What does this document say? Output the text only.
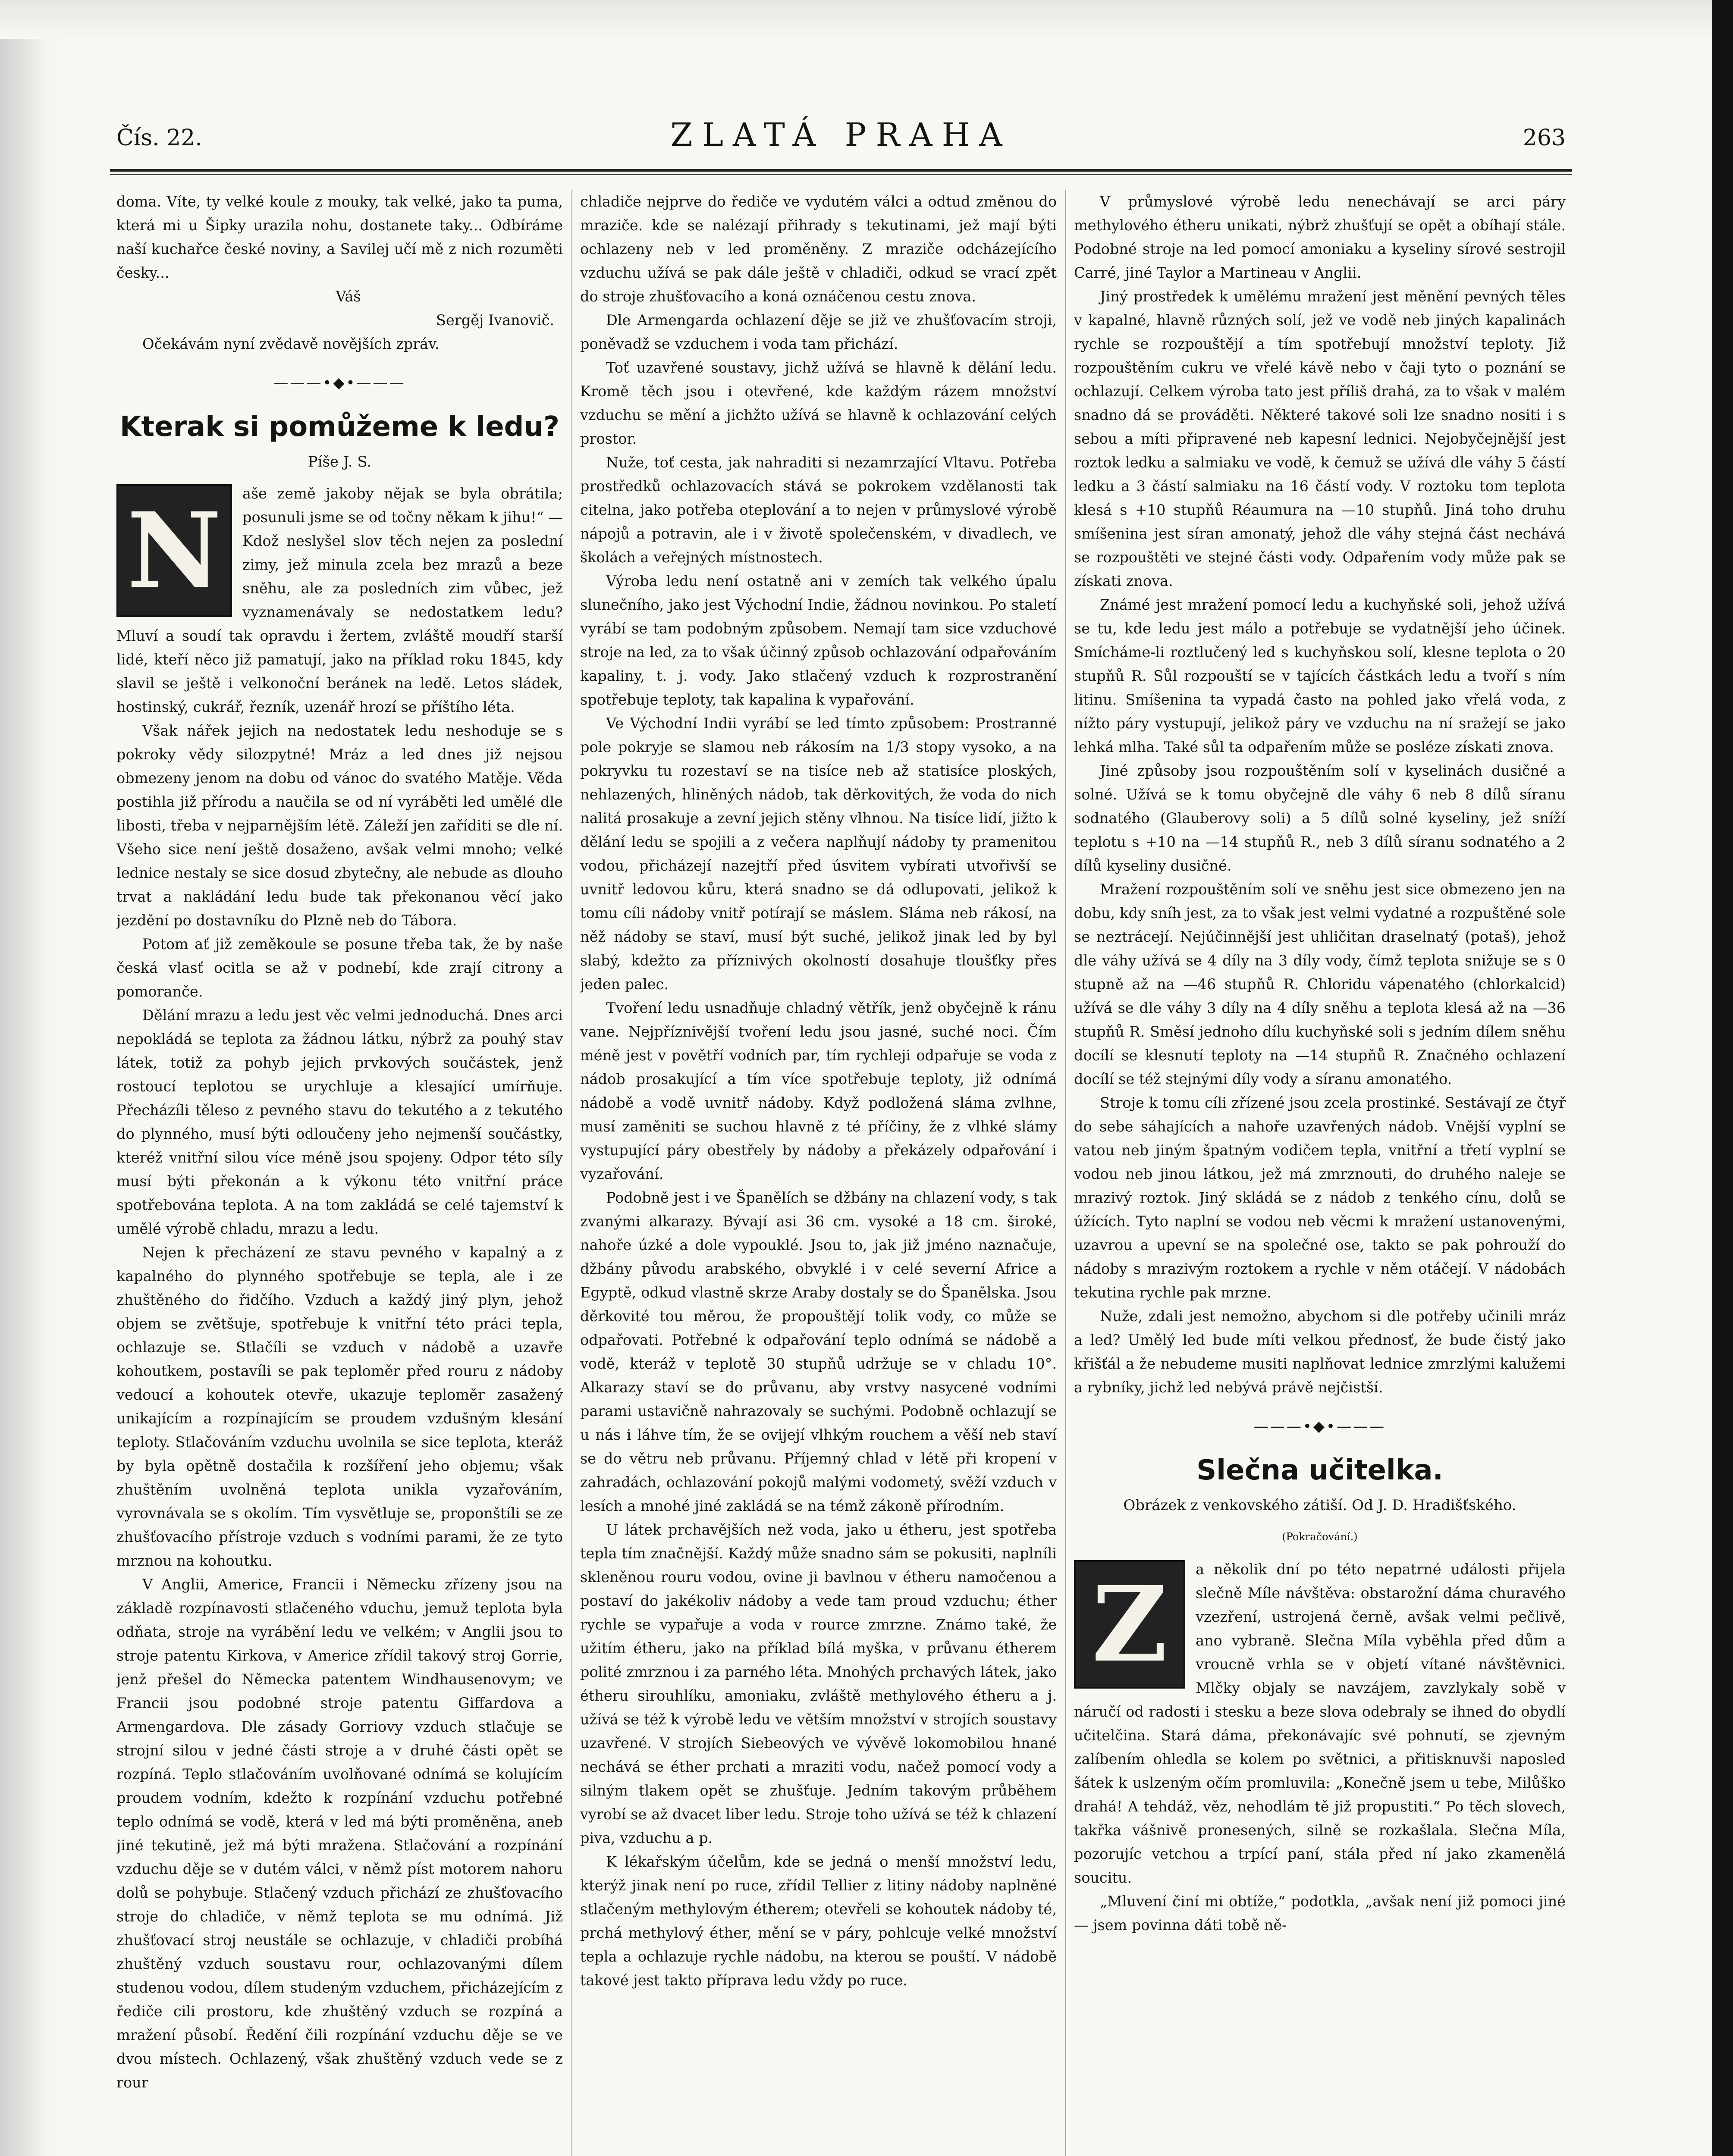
Čís. 22.	ZLATÁ PRAHA	263

doma. Víte, ty velké koule z mouky, tak velké, jako ta puma, která mi u Šipky urazila nohu, dostanete taky... Odbíráme naší kuchařce české noviny, a Savilej učí mě z nich rozuměti česky...

Váš

Sergěj Ivanovič.

Očekávám nyní zvědavě novějších zpráv.

———•◆•———
Kterak si pomůžeme k ledu?
Píše J. S.
N	aše země jakoby nějak se byla obrátila; posunuli jsme se od točny někam k jihu!“ — Kdož neslyšel slov těch nejen za poslední zimy, jež minula zcela bez mrazů a beze sněhu, ale za posledních zim vůbec, jež vyznamenávaly se nedostatkem ledu? Mluví a soudí tak opravdu i žertem, zvláště moudří starší lidé, kteří něco již pamatují, jako na příklad roku 1845, kdy slavil se ještě i velkonoční beránek na ledě. Letos sládek, hostinský, cukrář, řezník, uzenář hrozí se příštího léta.

Však nářek jejich na nedostatek ledu neshoduje se s pokroky vědy silozpytné! Mráz a led dnes již nejsou obmezeny jenom na dobu od vánoc do svatého Matěje. Věda postihla již přírodu a naučila se od ní vyráběti led umělé dle libosti, třeba v nejparnějším létě. Záleží jen zaříditi se dle ní. Všeho sice není ještě dosaženo, avšak velmi mnoho; velké lednice nestaly se sice dosud zbytečny, ale nebude as dlouho trvat a nakládání ledu bude tak překonanou věcí jako jezdění po dostavníku do Plzně neb do Tábora.

Potom ať již zeměkoule se posune třeba tak, že by naše česká vlasť ocitla se až v podnebí, kde zrají citrony a pomoranče.

Dělání mrazu a ledu jest věc velmi jednoduchá. Dnes arci nepokládá se teplota za žádnou látku, nýbrž za pouhý stav látek, totiž za pohyb jejich prvkových součástek, jenž rostoucí teplotou se urychluje a klesající umírňuje. Přecházíli těleso z pevného stavu do tekutého a z tekutého do plynného, musí býti odloučeny jeho nejmenší součástky, kteréž vnitřní silou více méně jsou spojeny. Odpor této síly musí býti překonán a k výkonu této vnitřní práce spotřebována teplota. A na tom zakládá se celé tajemství k umělé výrobě chladu, mrazu a ledu.

Nejen k přecházení ze stavu pevného v kapalný a z kapalného do plynného spotřebuje se tepla, ale i ze zhuštěného do řidčího. Vzduch a každý jiný plyn, jehož objem se zvětšuje, spotřebuje k vnitřní této práci tepla, ochlazuje se. Stlačíli se vzduch v nádobě a uzavře kohoutkem, postavíli se pak teploměr před rouru z nádoby vedoucí a kohoutek otevře, ukazuje teploměr zasažený unikajícím a rozpínajícím se proudem vzdušným klesání teploty. Stlačováním vzduchu uvolnila se sice teplota, kteráž by byla opětně dostačila k rozšíření jeho objemu; však zhuštěním uvolněná teplota unikla vyzařováním, vyrovnávala se s okolím. Tím vysvětluje se, proponštíli se ze zhušťovacího přístroje vzduch s vodními parami, že ze tyto mrznou na kohoutku.

V Anglii, Americe, Francii i Německu zřízeny jsou na základě rozpínavosti stlačeného vduchu, jemuž teplota byla odňata, stroje na vyrábění ledu ve velkém; v Anglii jsou to stroje patentu Kirkova, v Americe zřídil takový stroj Gorrie, jenž přešel do Německa patentem Windhausenovym; ve Francii jsou podobné stroje patentu Giffardova a Armengardova. Dle zásady Gorriovy vzduch stlačuje se strojní silou v jedné části stroje a v druhé části opět se rozpíná. Teplo stlačováním uvolňované odnímá se kolujícím proudem vodním, kdežto k rozpínání vzduchu potřebné teplo odnímá se vodě, která v led má býti proměněna, aneb jiné tekutině, jež má býti mražena. Stlačování a rozpínání vzduchu děje se v dutém válci, v němž píst motorem nahoru dolů se pohybuje. Stlačený vzduch přichází ze zhušťovacího stroje do chladiče, v němž teplota se mu odnímá. Již zhušťovací stroj neustále se ochlazuje, v chladiči probíhá zhuštěný vzduch soustavu rour, ochlazovanými dílem studenou vodou, dílem studeným vzduchem, přicházejícím z řediče cili prostoru, kde zhuštěný vzduch se rozpíná a mražení působí. Ředění čili rozpínání vzduchu děje se ve dvou místech. Ochlazený, však zhuštěný vzduch vede se z rour

chladiče nejprve do řediče ve vydutém válci a odtud změnou do mraziče. kde se nalézají přihrady s tekutinami, jež mají býti ochlazeny neb v led proměněny. Z mraziče odcházejícího vzduchu užívá se pak dále ještě v chladiči, odkud se vrací zpět do stroje zhušťovacího a koná oznáčenou cestu znova.

Dle Armengarda ochlazení děje se již ve zhušťovacím stroji, poněvadž se vzduchem i voda tam přichází.

Toť uzavřené soustavy, jichž užívá se hlavně k dělání ledu. Kromě těch jsou i otevřené, kde každým rázem množství vzduchu se mění a jichžto užívá se hlavně k ochlazování celých prostor.

Nuže, toť cesta, jak nahraditi si nezamrzající Vltavu. Potřeba prostředků ochlazovacích stává se pokrokem vzdělanosti tak citelna, jako potřeba oteplování a to nejen v průmyslové výrobě nápojů a potravin, ale i v životě společenském, v divadlech, ve školách a veřejných místnostech.

Výroba ledu není ostatně ani v zemích tak velkého úpalu slunečního, jako jest Východní Indie, žádnou novinkou. Po staletí vyrábí se tam podobným způsobem. Nemají tam sice vzduchové stroje na led, za to však účinný způsob ochlazování odpařováním kapaliny, t. j. vody. Jako stlačený vzduch k rozprostranění spotřebuje teploty, tak kapalina k vypařování.

Ve Východní Indii vyrábí se led tímto způsobem: Prostranné pole pokryje se slamou neb rákosím na 1/3 stopy vysoko, a na pokryvku tu rozestaví se na tisíce neb až statisíce ploských, nehlazených, hliněných nádob, tak děrkovitých, že voda do nich nalitá prosakuje a zevní jejich stěny vlhnou. Na tisíce lidí, jižto k dělání ledu se spojili a z večera naplňují nádoby ty pramenitou vodou, přicházejí nazejtří před úsvitem vybírati utvořivší se uvnitř ledovou kůru, která snadno se dá odlupovati, jelikož k tomu cíli nádoby vnitř potírají se máslem. Sláma neb rákosí, na něž nádoby se staví, musí být suché, jelikož jinak led by byl slabý, kdežto za příznivých okolností dosahuje tloušťky přes jeden palec.

Tvoření ledu usnadňuje chladný větřík, jenž obyčejně k ránu vane. Nejpříznivější tvoření ledu jsou jasné, suché noci. Čím méně jest v povětří vodních par, tím rychleji odpařuje se voda z nádob prosakující a tím více spotřebuje teploty, již odnímá nádobě a vodě uvnitř nádoby. Když podložená sláma zvlhne, musí zaměniti se suchou hlavně z té příčiny, že z vlhké slámy vystupující páry obestřely by nádoby a překázely odpařování i vyzařování.

Podobně jest i ve Španělích se džbány na chlazení vody, s tak zvanými alkarazy. Bývají asi 36 cm. vysoké a 18 cm. široké, nahoře úzké a dole vypouklé. Jsou to, jak již jméno naznačuje, džbány původu arabského, obvyklé i v celé severní Africe a Egyptě, odkud vlastně skrze Araby dostaly se do Španělska. Jsou děrkovité tou měrou, že propouštějí tolik vody, co může se odpařovati. Potřebné k odpařování teplo odnímá se nádobě a vodě, kteráž v teplotě 30 stupňů udržuje se v chladu 10°. Alkarazy staví se do průvanu, aby vrstvy nasycené vodními parami ustavičně nahrazovaly se suchými. Podobně ochlazují se u nás i láhve tím, že se ovijejí vlhkým rouchem a věší neb staví se do větru neb průvanu. Příjemný chlad v létě při kropení v zahradách, ochlazování pokojů malými vodometý, svěží vzduch v lesích a mnohé jiné zakládá se na témž zákoně přírodním.

U látek prchavějších než voda, jako u étheru, jest spotřeba tepla tím značnější. Každý může snadno sám se pokusiti, naplníli skleněnou rouru vodou, ovine ji bavlnou v étheru namočenou a postaví do jakékoliv nádoby a vede tam proud vzduchu; éther rychle se vypařuje a voda v rource zmrzne. Známo také, že užitím étheru, jako na příklad bílá myška, v průvanu étherem polité zmrznou i za parného léta. Mnohých prchavých látek, jako étheru sirouhlíku, amoniaku, zvláště methylového étheru a j. užívá se též k výrobě ledu ve větším množství v strojích soustavy uzavřené. V strojích Siebeových ve vývěvě lokomobilou hnané nechává se éther prchati a mraziti vodu, načež pomocí vody a silným tlakem opět se zhušťuje. Jedním takovým průběhem vyrobí se až dvacet liber ledu. Stroje toho užívá se též k chlazení piva, vzduchu a p.

K lékařským účelům, kde se jedná o menší množství ledu, kterýž jinak není po ruce, zřídil Tellier z litiny nádoby naplněné stlačeným methylovým étherem; otevřeli se kohoutek nádoby té, prchá methylový éther, mění se v páry, pohlcuje velké množství tepla a ochlazuje rychle nádobu, na kterou se pouští. V nádobě takové jest takto příprava ledu vždy po ruce.

V průmyslové výrobě ledu nenechávají se arci páry methylového étheru unikati, nýbrž zhušťují se opět a obíhají stále. Podobné stroje na led pomocí amoniaku a kyseliny sírové sestrojil Carré, jiné Taylor a Martineau v Anglii.

Jiný prostředek k umělému mražení jest měnění pevných těles v kapalné, hlavně různých solí, jež ve vodě neb jiných kapalinách rychle se rozpouštějí a tím spotřebují množství teploty. Již rozpouštěním cukru ve vřelé kávě nebo v čaji tyto o poznání se ochlazují. Celkem výroba tato jest příliš drahá, za to však v malém snadno dá se prováděti. Některé takové soli lze snadno nositi i s sebou a míti připravené neb kapesní lednici. Nejobyčejnější jest roztok ledku a salmiaku ve vodě, k čemuž se užívá dle váhy 5 částí ledku a 3 částí salmiaku na 16 částí vody. V roztoku tom teplota klesá s +10 stupňů Réaumura na —10 stupňů. Jiná toho druhu smíšenina jest síran amonatý, jehož dle váhy stejná část nechává se rozpouštěti ve stejné části vody. Odpařením vody může pak se získati znova.

Známé jest mražení pomocí ledu a kuchyňské soli, jehož užívá se tu, kde ledu jest málo a potřebuje se vydatnější jeho účinek. Smícháme-li roztlučený led s kuchyňskou solí, klesne teplota o 20 stupňů R. Sůl rozpouští se v tajících částkách ledu a tvoří s ním litinu. Smíšenina ta vypadá často na pohled jako vřelá voda, z nížto páry vystupují, jelikož páry ve vzduchu na ní sražejí se jako lehká mlha. Také sůl ta odpařením může se posléze získati znova.

Jiné způsoby jsou rozpouštěním solí v kyselinách dusičné a solné. Užívá se k tomu obyčejně dle váhy 6 neb 8 dílů síranu sodnatého (Glauberovy soli) a 5 dílů solné kyseliny, jež sníží teplotu s +10 na —14 stupňů R., neb 3 dílů síranu sodnatého a 2 dílů kyseliny dusičné.

Mražení rozpouštěním solí ve sněhu jest sice obmezeno jen na dobu, kdy sníh jest, za to však jest velmi vydatné a rozpuštěné sole se neztrácejí. Nejúčinnější jest uhličitan draselnatý (potaš), jehož dle váhy užívá se 4 díly na 3 díly vody, čímž teplota snižuje se s 0 stupně až na —46 stupňů R. Chloridu vápenatého (chlorkalcid) užívá se dle váhy 3 díly na 4 díly sněhu a teplota klesá až na —36 stupňů R. Směsí jednoho dílu kuchyňské soli s jedním dílem sněhu docílí se klesnutí teploty na —14 stupňů R. Značného ochlazení docílí se též stejnými díly vody a síranu amonatého.

Stroje k tomu cíli zřízené jsou zcela prostinké. Sestávají ze čtyř do sebe sáhajících a nahoře uzavřených nádob. Vnější vyplní se vatou neb jiným špatným vodičem tepla, vnitřní a třetí vyplní se vodou neb jinou látkou, jež má zmrznouti, do druhého naleje se mrazivý roztok. Jiný skládá se z nádob z tenkého cínu, dolů se úžících. Tyto naplní se vodou neb věcmi k mražení ustanovenými, uzavrou a upevní se na společné ose, takto se pak pohrouží do nádoby s mrazivým roztokem a rychle v něm otáčejí. V nádobách tekutina rychle pak mrzne.

Nuže, zdali jest nemožno, abychom si dle potřeby učinili mráz a led? Umělý led bude míti velkou přednosť, že bude čistý jako křišťál a že nebudeme musiti naplňovat lednice zmrzlými kalužemi a rybníky, jichž led nebývá právě nejčistší.

———•◆•———
Slečna učitelka.
Obrázek z venkovského zátiší. Od J. D. Hradišťského.
(Pokračování.)
Z	a několik dní po této nepatrné události přijela slečně Míle návštěva: obstarožní dáma churavého vzezření, ustrojená černě, avšak velmi pečlivě, ano vybraně. Slečna Míla vyběhla před dům a vroucně vrhla se v objetí vítané návštěvnici. Mlčky objaly se navzájem, zavzlykaly sobě v náručí od radosti i stesku a beze slova odebraly se ihned do obydlí učitelčina. Stará dáma, překonávajíc své pohnutí, se zjevným zalíbením ohledla se kolem po světnici, a přitisknuvši naposled šátek k uslzeným očím promluvila: „Konečně jsem u tebe, Milůško drahá! A tehdáž, věz, nehodlám tě již propustiti.“ Po těch slovech, takřka vášnivě pronesených, silně se rozkašlala. Slečna Míla, pozorujíc vetchou a trpící paní, stála před ní jako zkamenělá soucitu.

„Mluvení činí mi obtíže,“ podotkla, „avšak není již pomoci jiné — jsem povinna dáti tobě ně-
